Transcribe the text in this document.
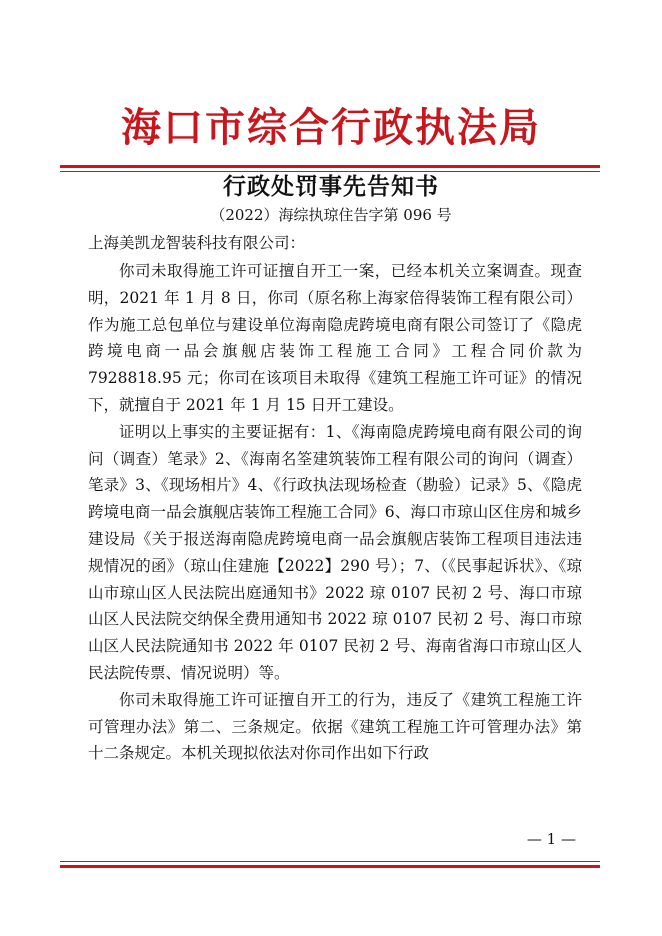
海口市综合行政执法局
行政处罚事先告知书
（2022）海综执琼住告字第 096 号
上海美凯龙智装科技有限公司：

你司未取得施工许可证擅自开工一案，已经本机关立案调查。现查明，2021 年 1 月 8 日，你司（原名称上海家倍得装饰工程有限公司）作为施工总包单位与建设单位海南隐虎跨境电商有限公司签订了《隐虎跨境电商一品会旗舰店装饰工程施工合同》工程合同价款为 7928818.95 元；你司在该项目未取得《建筑工程施工许可证》的情况下，就擅自于 2021 年 1 月 15 日开工建设。

证明以上事实的主要证据有：1、《海南隐虎跨境电商有限公司的询问（调查）笔录》2、《海南名筌建筑装饰工程有限公司的询问（调查）笔录》3、《现场相片》4、《行政执法现场检查（勘验）记录》5、《隐虎跨境电商一品会旗舰店装饰工程施工合同》6、海口市琼山区住房和城乡建设局《关于报送海南隐虎跨境电商一品会旗舰店装饰工程项目违法违规情况的函》（琼山住建施【2022】290 号）；7、（《民事起诉状》、《琼山市琼山区人民法院出庭通知书》2022 琼 0107 民初 2 号、海口市琼山区人民法院交纳保全费用通知书 2022 琼 0107 民初 2 号、海口市琼山区人民法院通知书 2022 年 0107 民初 2 号、海南省海口市琼山区人民法院传票、情况说明）等。

你司未取得施工许可证擅自开工的行为，违反了《建筑工程施工许可管理办法》第二、三条规定。依据《建筑工程施工许可管理办法》第十二条规定。本机关现拟依法对你司作出如下行政

— 1 —
